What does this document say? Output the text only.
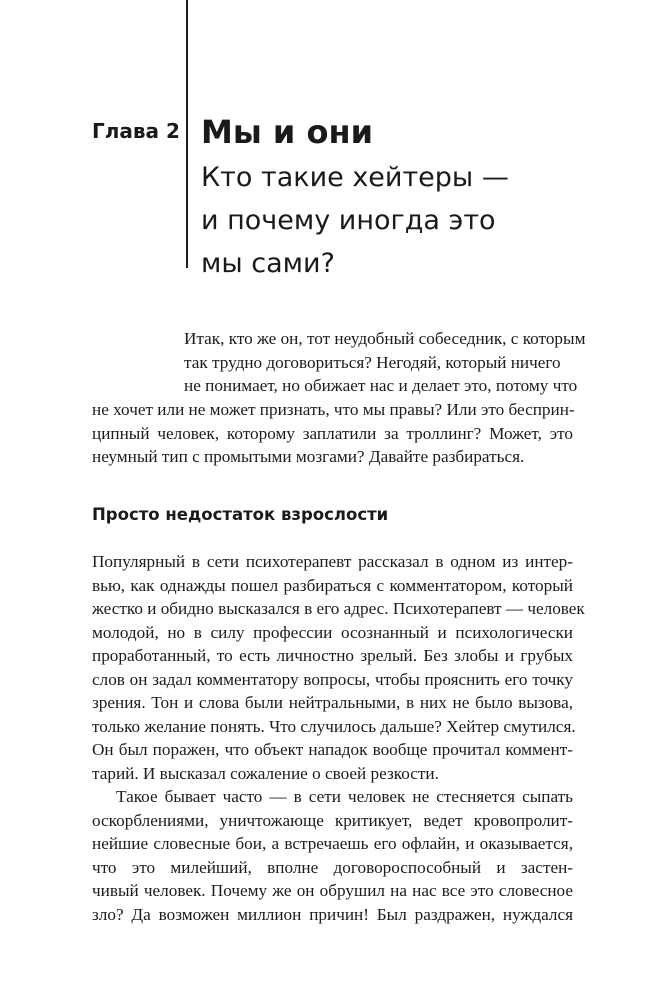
Глава 2 Мы и они
Кто такие хейтеры —
и почему иногда это
мы сами?
Итак, кто же он, тот неудобный собеседник, с которым
так трудно договориться? Негодяй, который ничего
не понимает, но обижает нас и делает это, потому что
не хочет или не может признать, что мы правы? Или это бесприн-
ципный человек, которому заплатили за троллинг? Может, это
неумный тип с промытыми мозгами? Давайте разбираться.
Просто недостаток взрослости
Популярный в сети психотерапевт рассказал в одном из интер-
вью, как однажды пошел разбираться с комментатором, который
жестко и обидно высказался в его адрес. Психотерапевт — человек
молодой, но в силу профессии осознанный и психологически
проработанный, то есть личностно зрелый. Без злобы и грубых
слов он задал комментатору вопросы, чтобы прояснить его точку
зрения. Тон и слова были нейтральными, в них не было вызова,
только желание понять. Что случилось дальше? Хейтер смутился.
Он был поражен, что объект нападок вообще прочитал коммент-
тарий. И высказал сожаление о своей резкости.
Такое бывает часто — в сети человек не стесняется сыпать
оскорблениями, уничтожающе критикует, ведет кровопролит-
нейшие словесные бои, а встречаешь его офлайн, и оказывается,
что это милейший, вполне договороспособный и застен-
чивый человек. Почему же он обрушил на нас все это словесное
зло? Да возможен миллион причин! Был раздражен, нуждался
